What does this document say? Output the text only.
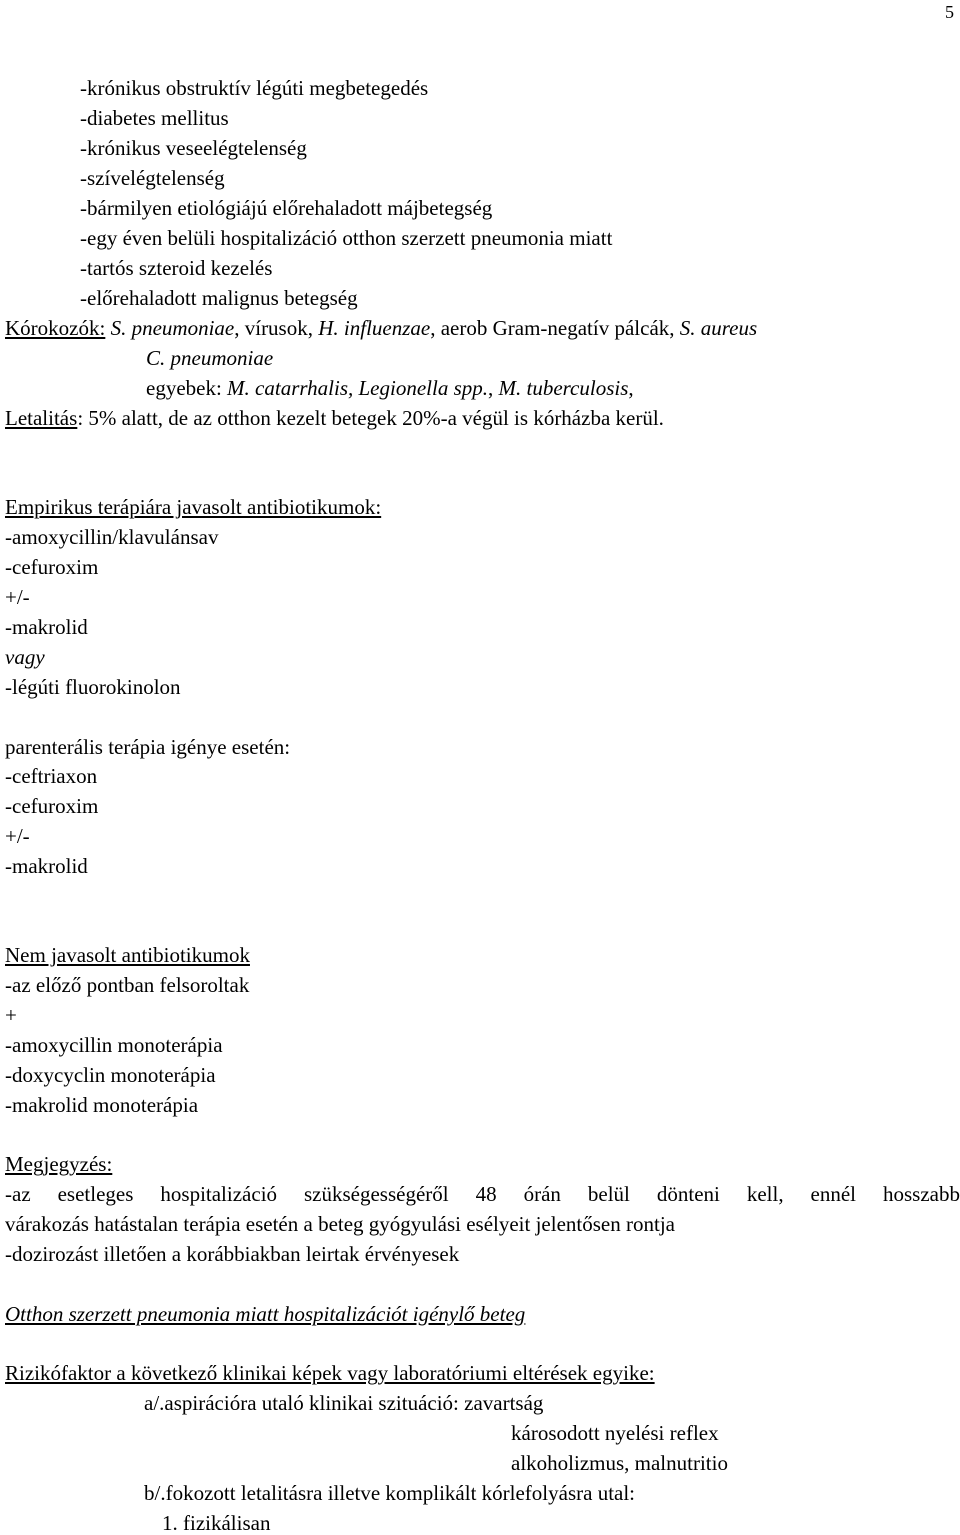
5
-krónikus obstruktív légúti megbetegedés
-diabetes mellitus
-krónikus veseelégtelenség
-szívelégtelenség
-bármilyen etiológiájú előrehaladott májbetegség
-egy éven belüli hospitalizáció otthon szerzett pneumonia miatt
-tartós szteroid kezelés
-előrehaladott malignus betegség
Kórokozók: S. pneumoniae, vírusok, H. influenzae, aerob Gram-negatív pálcák, S. aureus
C. pneumoniae
egyebek: M. catarrhalis, Legionella spp., M. tuberculosis,
Letalitás: 5% alatt, de az otthon kezelt betegek 20%-a végül is kórházba kerül.
Empirikus terápiára javasolt antibiotikumok:
-amoxycillin/klavulánsav
-cefuroxim
+/-
-makrolid
vagy
-légúti fluorokinolon
parenterális terápia igénye esetén:
-ceftriaxon
-cefuroxim
+/-
-makrolid
Nem javasolt antibiotikumok
-az előző pontban felsoroltak
+
-amoxycillin monoterápia
-doxycyclin monoterápia
-makrolid monoterápia
Megjegyzés:
-az esetleges hospitalizáció szükségességéről 48 órán belül dönteni kell, ennél hosszabb
várakozás hatástalan terápia esetén a beteg gyógyulási esélyeit jelentősen rontja
-dozirozást illetően a korábbiakban leirtak érvényesek
Otthon szerzett pneumonia miatt hospitalizációt igénylő beteg
Rizikófaktor a következő klinikai képek vagy laboratóriumi eltérések egyike:
a/.aspirációra utaló klinikai szituáció: zavartság
károsodott nyelési reflex
alkoholizmus, malnutritio
b/.fokozott letalitásra illetve komplikált kórlefolyásra utal:
1. fizikálisan
